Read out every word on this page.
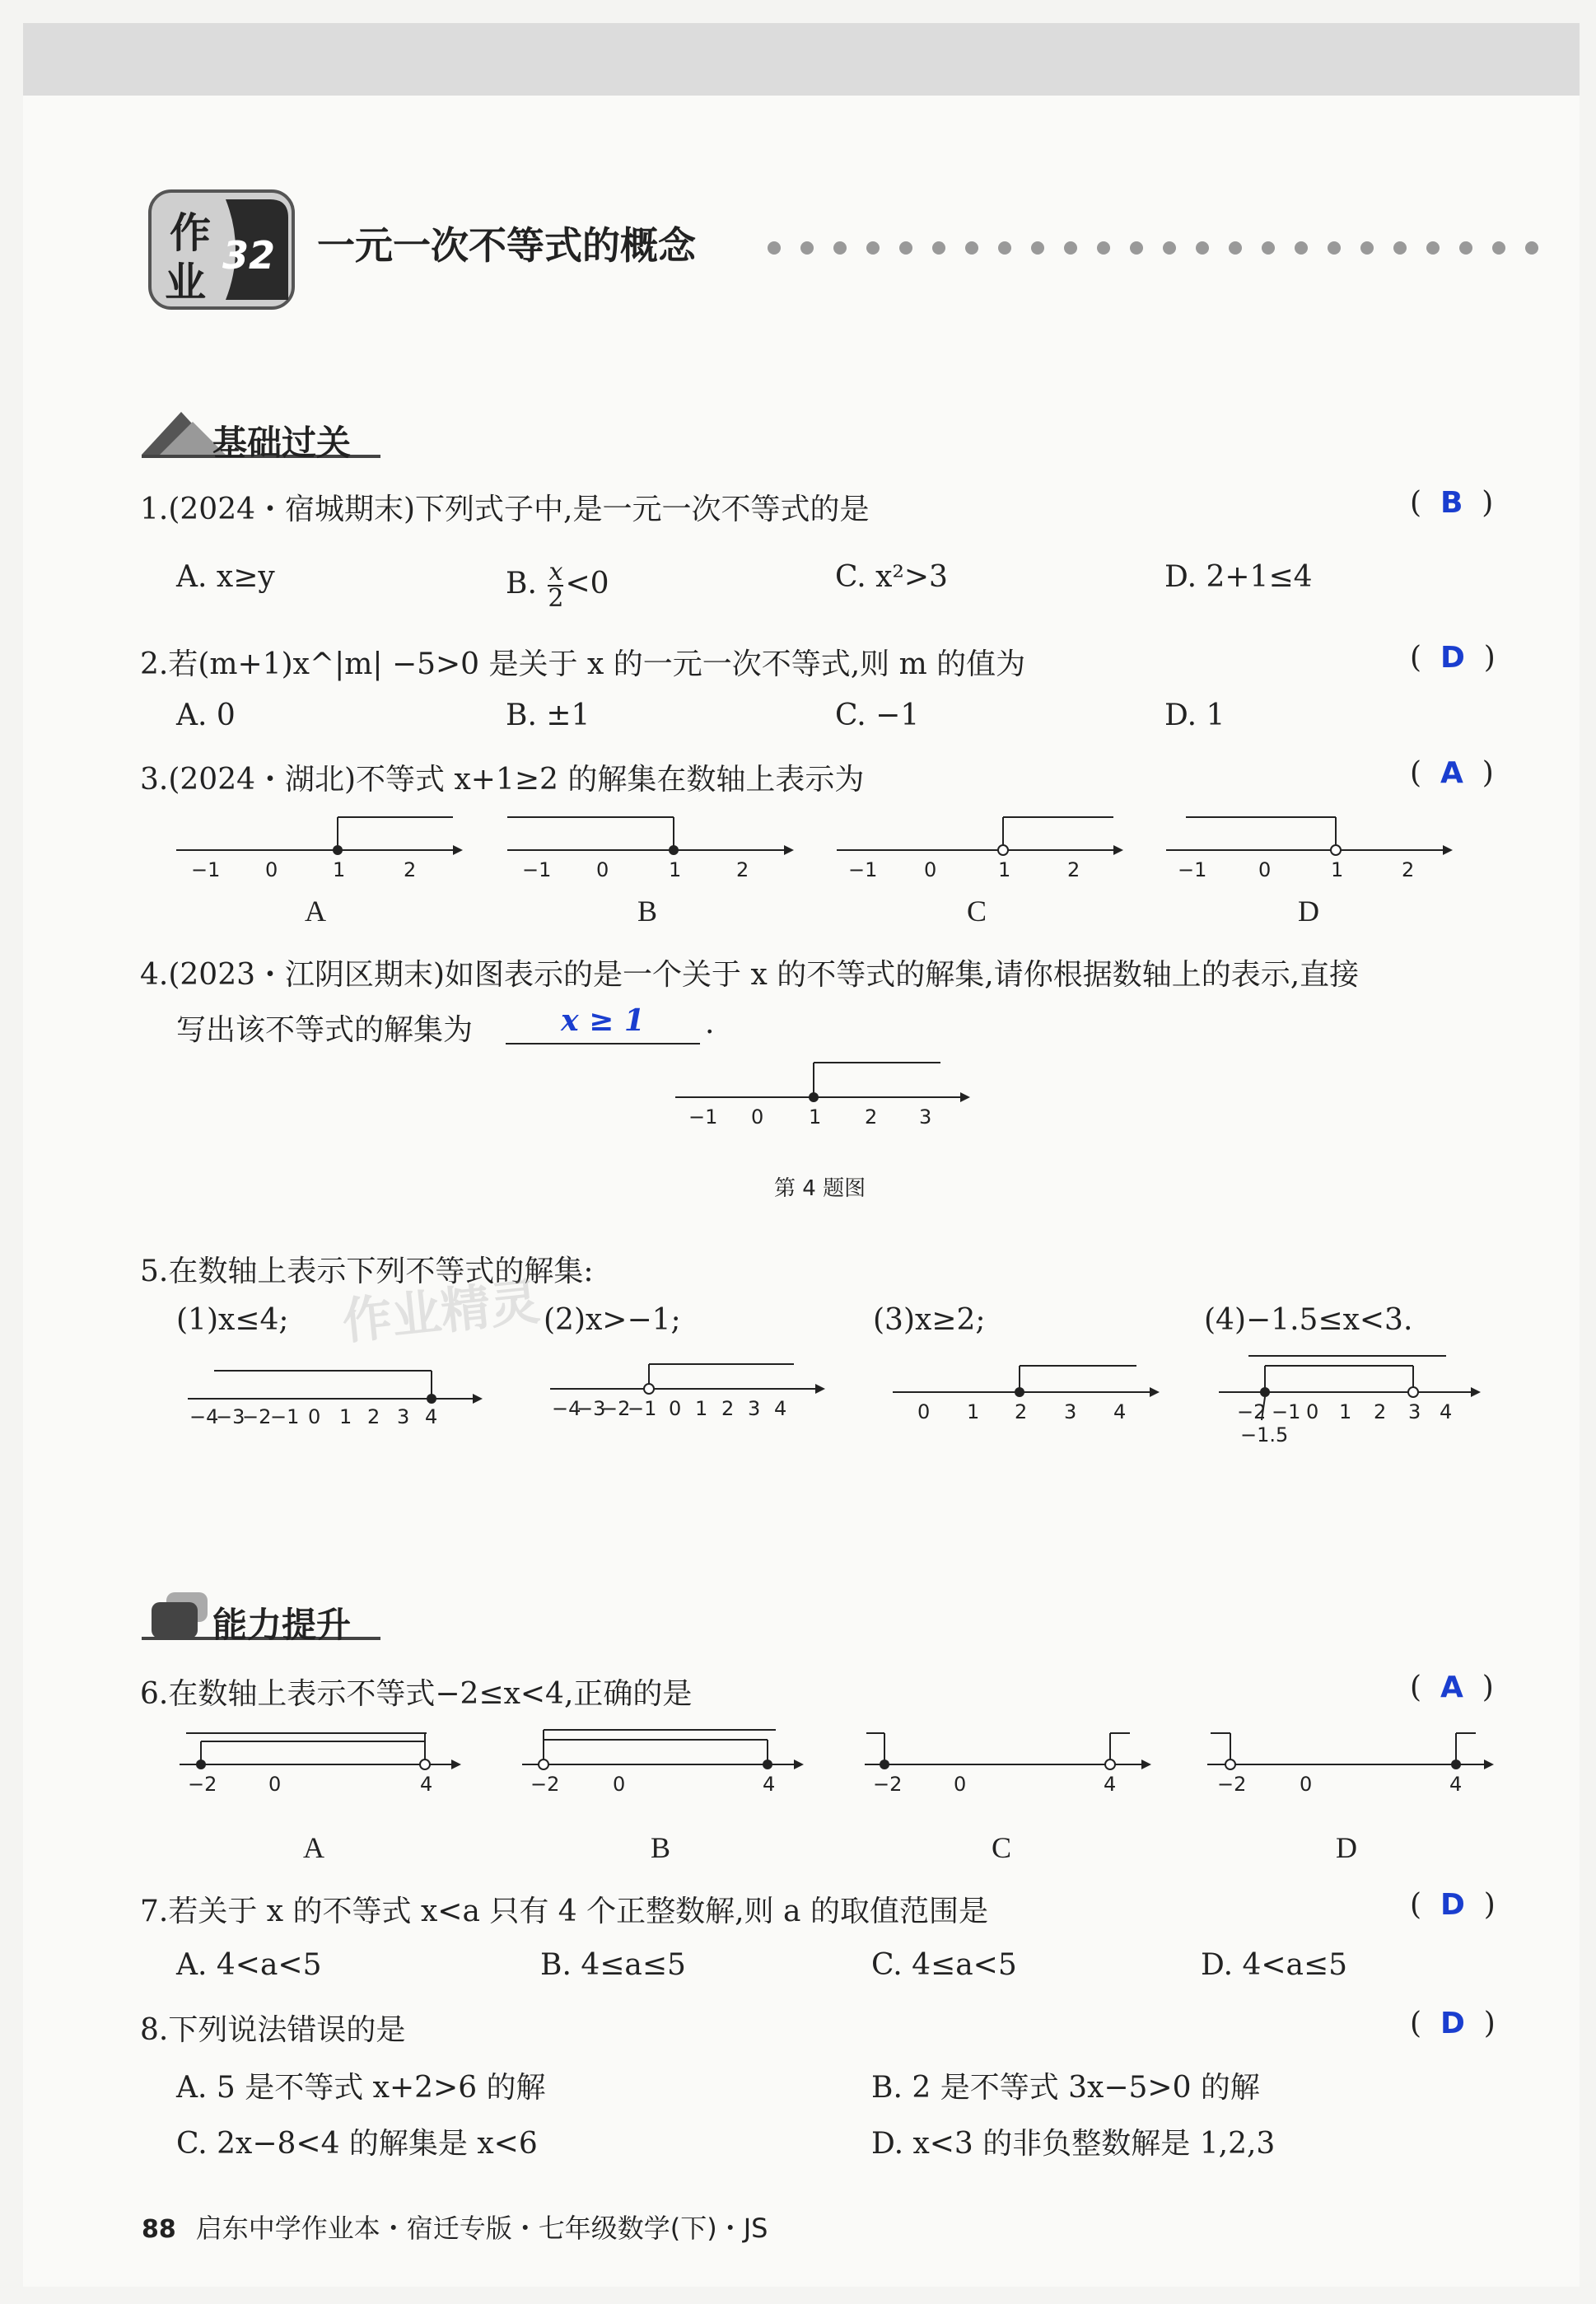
作
业
32 一元一次不等式的概念
基础过关
1.(2024・宿城期末)下列式子中,是一元一次不等式的是	(  B  )
A. x≥y	B. $\frac{x}{2} <0$	C. x²>3	D. 2+1≤4
2.若(m+1)x^|m| −5>0 是关于 x 的一元一次不等式,则 m 的值为	(  D  )
A. 0	B. ±1	C. −1	D. 1
3.(2024・湖北)不等式 x+1≥2 的解集在数轴上表示为	(  A  )
−1 0	1	2	−1 0	1	2	−1 0	1	2	−1	0	1	2
A	B	C	D
4.(2023・江阴区期末)如图表示的是一个关于 x 的不等式的解集,请你根据数轴上的表示,直接
写出该不等式的解集为	x ≥ 1	.
−1 0 1 2 3
第 4 题图
5.在数轴上表示下列不等式的解集:
(1)x≤4;	(2)x>−1;	(3)x≥2;	(4)−1.5≤x<3.
作业精灵
−4
−3
−2
−1 0 1 2 3 4	−4
−3
−2
−1 0 1 2 3 4	0 1 2 3 4	−2 −1 0 1 2 3 4
−1.5
能力提升
6.在数轴上表示不等式−2≤x<4,正确的是	(  A  )
−2	0	4	−2	0	4	−2	0	4	−2	0	4
A	B	C	D
7.若关于 x 的不等式 x<a 只有 4 个正整数解,则 a 的取值范围是	(  D  )
A. 4<a<5	B. 4≤a≤5	C. 4≤a<5	D. 4<a≤5
8.下列说法错误的是	(  D  )
A. 5 是不等式 x+2>6 的解	B. 2 是不等式 3x−5>0 的解
C. 2x−8<4 的解集是 x<6	D. x<3 的非负整数解是 1,2,3
88 启东中学作业本・宿迁专版・七年级数学(下)・JS
